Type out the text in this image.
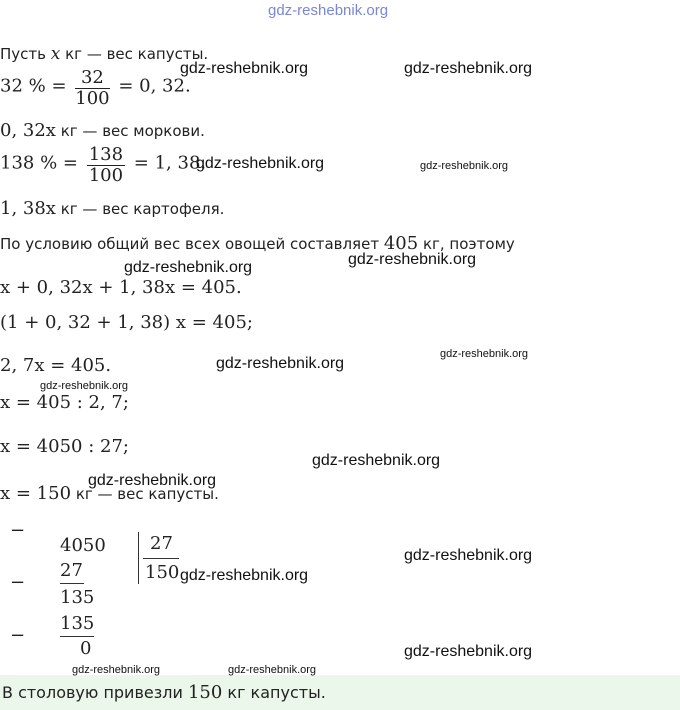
gdz-reshebnik.org
Пусть x кг — вес капусты.
32 % = $\frac{32}{100} = 0$, 32.
0, 32x кг — вес моркови.
138 % = $\frac{138}{100} = 1$, 38.
1, 38x кг — вес картофеля.
По условию общий вес всех овощей составляет 405 кг, поэтому
x + 0, 32x + 1, 38x = 405.
(1 + 0, 32 + 1, 38) x = 405;
2, 7x = 405.
x = 405 : 2, 7;
x = 4050 : 27;
x = 150 кг — вес капусты.
−
4050 27
150
−
27
135
−
135
0
В столовую привезли 150 кг капусты.
gdz-reshebnik.org	gdz-reshebnik.org
gdz-reshebnik.org	gdz-reshebnik.org
gdz-reshebnik.org	gdz-reshebnik.org
gdz-reshebnik.org
gdz-reshebnik.org
gdz-reshebnik.org
gdz-reshebnik.org
gdz-reshebnik.org
gdz-reshebnik.org
gdz-reshebnik.org
gdz-reshebnik.org
gdz-reshebnik.org	gdz-reshebnik.org
